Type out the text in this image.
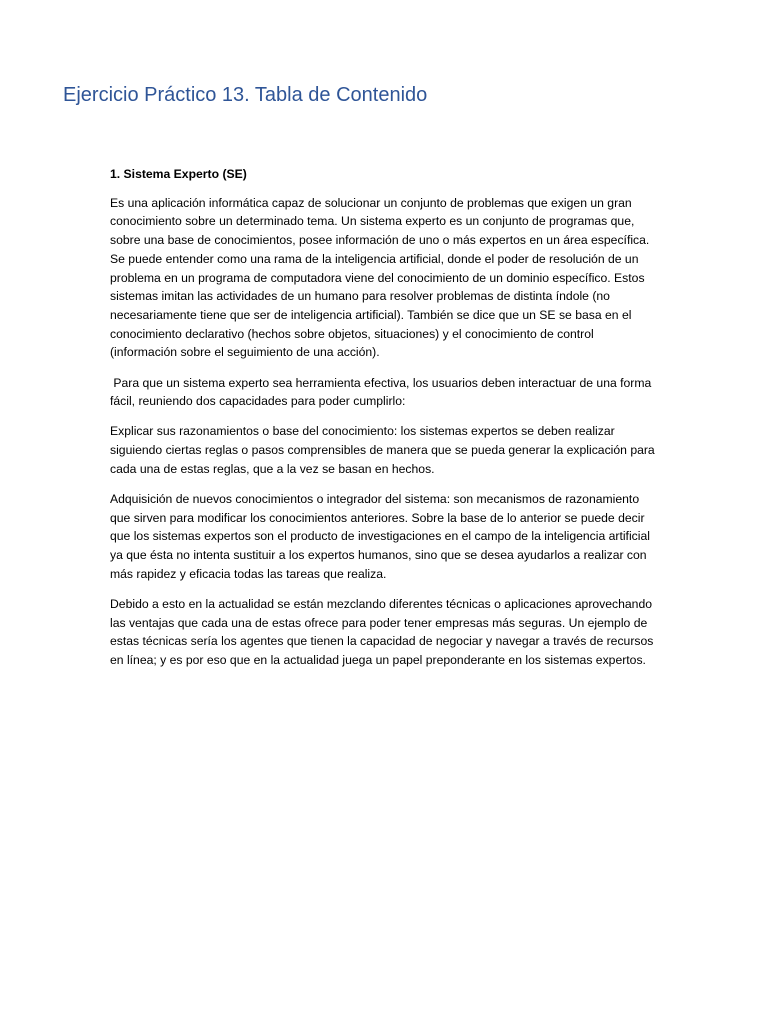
Ejercicio Práctico 13. Tabla de Contenido

1. Sistema Experto (SE)

Es una aplicación informática capaz de solucionar un conjunto de problemas que exigen un gran conocimiento sobre un determinado tema. Un sistema experto es un conjunto de programas que, sobre una base de conocimientos, posee información de uno o más expertos en un área específica. Se puede entender como una rama de la inteligencia artificial, donde el poder de resolución de un problema en un programa de computadora viene del conocimiento de un dominio específico. Estos sistemas imitan las actividades de un humano para resolver problemas de distinta índole (no necesariamente tiene que ser de inteligencia artificial). También se dice que un SE se basa en el conocimiento declarativo (hechos sobre objetos, situaciones) y el conocimiento de control (información sobre el seguimiento de una acción).

Para que un sistema experto sea herramienta efectiva, los usuarios deben interactuar de una forma fácil, reuniendo dos capacidades para poder cumplirlo:

Explicar sus razonamientos o base del conocimiento: los sistemas expertos se deben realizar siguiendo ciertas reglas o pasos comprensibles de manera que se pueda generar la explicación para cada una de estas reglas, que a la vez se basan en hechos.

Adquisición de nuevos conocimientos o integrador del sistema: son mecanismos de razonamiento que sirven para modificar los conocimientos anteriores. Sobre la base de lo anterior se puede decir que los sistemas expertos son el producto de investigaciones en el campo de la inteligencia artificial ya que ésta no intenta sustituir a los expertos humanos, sino que se desea ayudarlos a realizar con más rapidez y eficacia todas las tareas que realiza.

Debido a esto en la actualidad se están mezclando diferentes técnicas o aplicaciones aprovechando las ventajas que cada una de estas ofrece para poder tener empresas más seguras. Un ejemplo de estas técnicas sería los agentes que tienen la capacidad de negociar y navegar a través de recursos en línea; y es por eso que en la actualidad juega un papel preponderante en los sistemas expertos.
